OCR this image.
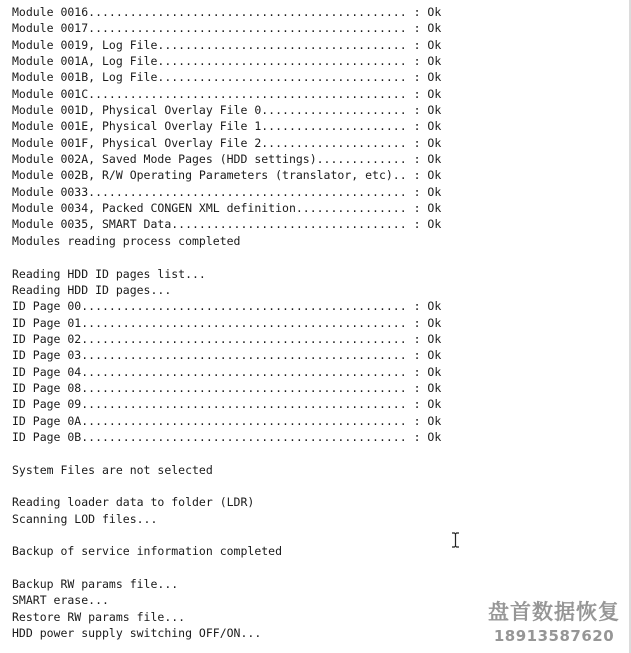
Module 0016.............................................. : Ok
Module 0017.............................................. : Ok
Module 0019, Log File.................................... : Ok
Module 001A, Log File.................................... : Ok
Module 001B, Log File.................................... : Ok
Module 001C.............................................. : Ok
Module 001D, Physical Overlay File 0..................... : Ok
Module 001E, Physical Overlay File 1..................... : Ok
Module 001F, Physical Overlay File 2..................... : Ok
Module 002A, Saved Mode Pages (HDD settings)............. : Ok
Module 002B, R/W Operating Parameters (translator, etc).. : Ok
Module 0033.............................................. : Ok
Module 0034, Packed CONGEN XML definition................ : Ok
Module 0035, SMART Data.................................. : Ok
Modules reading process completed
Reading HDD ID pages list...
Reading HDD ID pages...
ID Page 00............................................... : Ok
ID Page 01............................................... : Ok
ID Page 02............................................... : Ok
ID Page 03............................................... : Ok
ID Page 04............................................... : Ok
ID Page 08............................................... : Ok
ID Page 09............................................... : Ok
ID Page 0A............................................... : Ok
ID Page 0B............................................... : Ok
System Files are not selected
Reading loader data to folder (LDR)
Scanning LOD files...
Backup of service information completed
Backup RW params file...
SMART erase...
Restore RW params file...
HDD power supply switching OFF/ON...
盘首数据恢复
18913587620
